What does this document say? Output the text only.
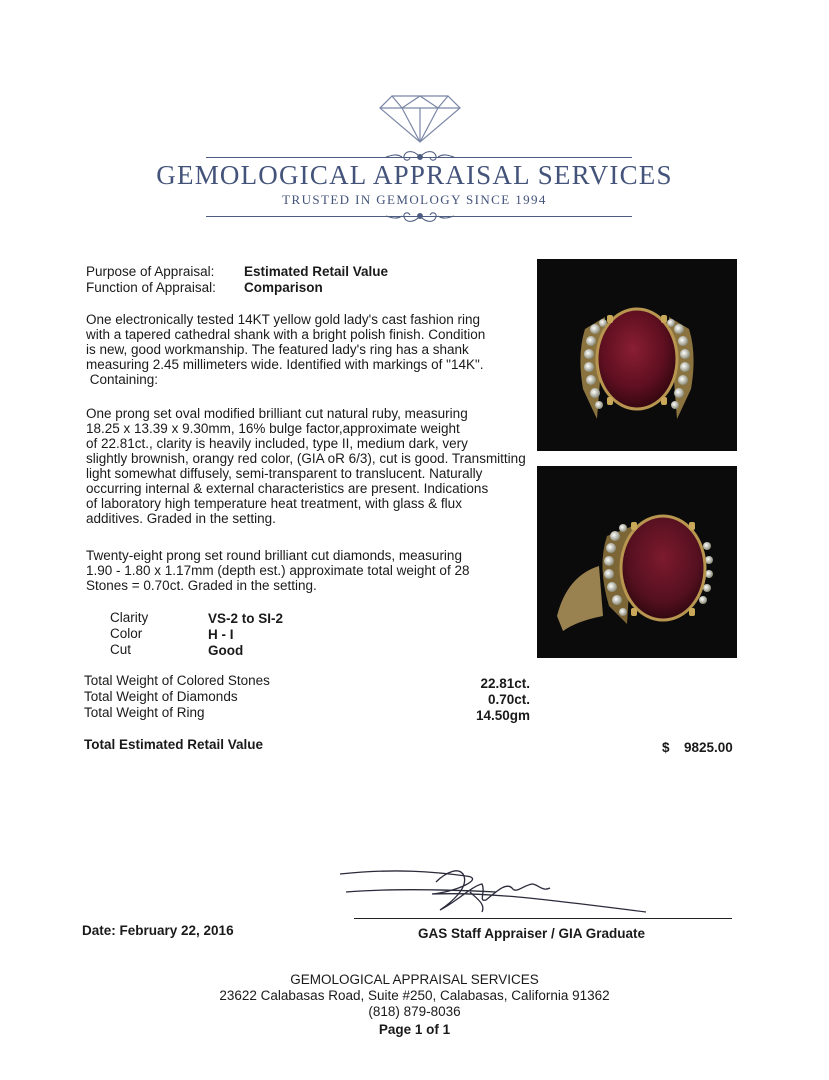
GEMOLOGICAL APPRAISAL SERVICES
TRUSTED IN GEMOLOGY SINCE 1994
Purpose of Appraisal: Estimated Retail Value
Function of Appraisal: Comparison
One electronically tested 14KT yellow gold lady's cast fashion ring
with a tapered cathedral shank with a bright polish finish. Condition
is new, good workmanship. The featured lady's ring has a shank
measuring 2.45 millimeters wide. Identified with markings of "14K".
Containing:
One prong set oval modified brilliant cut natural ruby, measuring
18.25 x 13.39 x 9.30mm, 16% bulge factor,approximate weight
of 22.81ct., clarity is heavily included, type II, medium dark, very
slightly brownish, orangy red color, (GIA oR 6/3), cut is good. Transmitting
light somewhat diffusely, semi-transparent to translucent. Naturally
occurring internal & external characteristics are present. Indications
of laboratory high temperature heat treatment, with glass & flux
additives. Graded in the setting.
Twenty-eight prong set round brilliant cut diamonds, measuring
1.90 - 1.80 x 1.17mm (depth est.) approximate total weight of 28
Stones = 0.70ct. Graded in the setting.
Clarity	VS-2 to SI-2
Color	H - I
Cut	Good
Total Weight of Colored Stones	22.81ct.
Total Weight of Diamonds	0.70ct.
Total Weight of Ring	14.50gm
Total Estimated Retail Value	$ 9825.00
Date: February 22, 2016	GAS Staff Appraiser / GIA Graduate
GEMOLOGICAL APPRAISAL SERVICES
23622 Calabasas Road, Suite #250, Calabasas, California 91362
(818) 879-8036
Page 1 of 1
